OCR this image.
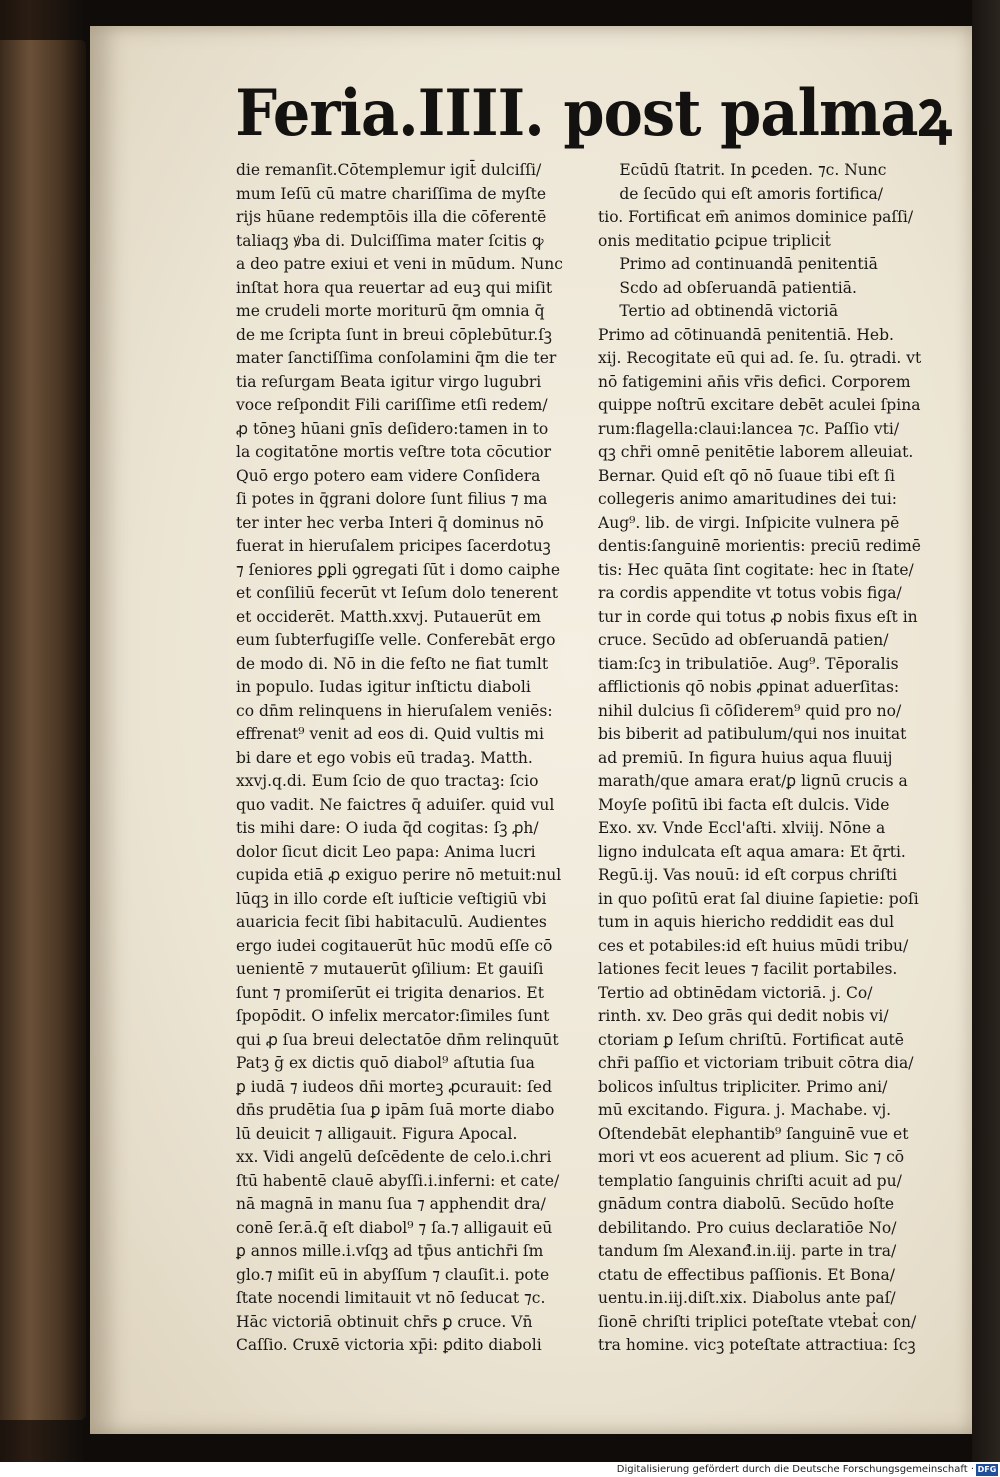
Feria.IIII. post palmaꝝ
die remanſit.Cōtemplemur igit̄ dulciſſi/
mum Ieſū cū matre chariſſima de myſte
rijs hūane redemptōis illa die cōferentē
taliaqꝫ ꝟba di. Dulciſſima mater ſcitis ꝙ
a deo patre exiui et veni in mūdum. Nunc
inſtat hora qua reuertar ad euꝫ qui miſit
me crudeli morte moriturū q̄m omnia q̄
de me ſcripta ſunt in breui cōplebūtur.ſꝫ
mater ſanctiſſima conſolamini q̄m die ter
tia reſurgam Beata igitur virgo lugubri
voce reſpondit Fili cariſſime etſi redem/
ꝓ tōneꝫ hūani gnīs deſidero:tamen in to
la cogitatōne mortis veſtre tota cōcutior
Quō ergo potero eam videre Conſidera
ſi potes in q̄grani dolore ſunt filius ⁊ ma
ter inter hec verba Interi q̄ dominus nō
fuerat in hieruſalem pricipes ſacerdotuꝫ
⁊ ſeniores ꝑꝑli ꝯgregati ſūt i domo caiphe
et conſiliū fecerūt vt Ieſum dolo tenerent
et occiderēt. Matth.xxvj. Putauerūt em
eum ſubterfugiſſe velle. Conferebāt ergo
de modo di. Nō in die feſto ne fiat tumlt
in populo. Iudas igitur inſtictu diaboli
co dn̄m relinquens in hieruſalem veniēs:
effrenat⁹ venit ad eos di. Quid vultis mi
bi dare et ego vobis eū tradaꝫ. Matth.
xxvj.q.di. Eum ſcio de quo tractaꝫ: ſcio
quo vadit. Ne faictres q̄ aduiſer. quid vul
tis mihi dare: O iuda q̄d cogitas: ſꝫ ꝓh/
dolor ſicut dicit Leo papa: Anima lucri
cupida etiā ꝓ exiguo perire nō metuit:nul
lūqꝫ in illo corde eſt iuſticie veſtigiū vbi
auaricia fecit ſibi habitaculū. Audientes
ergo iudei cogitauerūt hūc modū eſſe cō
uenientē ⁊ mutauerūt ꝯſilium: Et gauiſi
ſunt ⁊ promiſerūt ei trigita denarios. Et
ſpopōdit. O infelix mercator:ſimiles ſunt
qui ꝓ ſua breui delectatōe dn̄m relinquūt
Patꝫ ḡ ex dictis quō diabol⁹ aſtutia ſua
ꝑ iudā ⁊ iudeos dn̄i morteꝫ ꝓcurauit: ſed
dn̄s prudētia ſua ꝑ ipām ſuā morte diabo
lū deuicit ⁊ alligauit. Figura Apocal.
xx. Vidi angelū deſcēdente de celo.i.chri
ſtū habentē clauē abyſſi.i.inferni: et cate/
nā magnā in manu ſua ⁊ apphendit dra/
conē ſer.ā.q̄ eſt diabol⁹ ⁊ ſa.⁊ alligauit eū
ꝑ annos mille.i.vſqꝫ ad tp̄us antichr̄i ſm
glo.⁊ miſit eū in abyſſum ⁊ clauſit.i. pote
ſtate nocendi limitauit vt nō ſeducat ⁊c.
Hāc victoriā obtinuit chr̄s ꝑ cruce. Vn̄
Caſſio. Cruxē victoria xp̄i: ꝑdito diaboli
Ecūdū ſtatrit. In ꝑceden. ⁊c. Nunc
de ſecūdo qui eſt amoris fortifica/
tio. Fortificat em̄ animos dominice paſſi/
onis meditatio ꝑcipue tripliciṫ
Primo ad continuandā penitentiā
Scdo ad obſeruandā patientiā.
Tertio ad obtinendā victoriā
Primo ad cōtinuandā penitentiā. Heb.
xij. Recogitate eū qui ad. ſe. ſu. ꝯtradi. vt
nō fatigemini an̄is vr̄is defici. Corporem
quippe noſtrū excitare debēt aculei ſpina
rum:flagella:claui:lancea ⁊c. Paſſio vti/
qꝫ chr̄i omnē penitētie laborem alleuiat.
Bernar. Quid eſt qō nō ſuaue tibi eſt ſi
collegeris animo amaritudines dei tui:
Aug⁹. lib. de virgi. Inſpicite vulnera pē
dentis:ſanguinē morientis: preciū redimē
tis: Hec quāta ſint cogitate: hec in ſtate/
ra cordis appendite vt totus vobis figa/
tur in corde qui totus ꝓ nobis fixus eſt in
cruce. Secūdo ad obſeruandā patien/
tiam:ſcꝫ in tribulatiōe. Aug⁹. Tēporalis
afflictionis qō nobis ꝓpinat aduerſitas:
nihil dulcius ſi cōſiderem⁹ quid pro no/
bis biberit ad patibulum/qui nos inuitat
ad premiū. In figura huius aqua fluuij
marath/que amara erat/ꝑ lignū crucis a
Moyſe poſitū ibi facta eſt dulcis. Vide
Exo. xv. Vnde Eccl'aſti. xlviij. Nōne a
ligno indulcata eſt aqua amara: Et q̄rti.
Regū.ij. Vas nouū: id eſt corpus chriſti
in quo poſitū erat ſal diuine ſapietie: poſi
tum in aquis hiericho reddidit eas dul
ces et potabiles:id eſt huius mūdi tribu/
lationes fecit leues ⁊ facilit portabiles.
Tertio ad obtinēdam victoriā. j. Co/
rinth. xv. Deo grās qui dedit nobis vi/
ctoriam ꝑ Ieſum chriſtū. Fortificat autē
chr̄i paſſio et victoriam tribuit cōtra dia/
bolicos inſultus tripliciter. Primo ani/
mū excitando. Figura. j. Machabe. vj.
Oſtendebāt elephantib⁹ ſanguinē vue et
mori vt eos acuerent ad plium. Sic ⁊ cō
templatio ſanguinis chriſti acuit ad pu/
gnādum contra diabolū. Secūdo hoſte
debilitando. Pro cuius declaratiōe No/
tandum ſm Alexanđ.in.iij. parte in tra/
ctatu de effectibus paſſionis. Et Bona/
uentu.in.iij.diſt.xix. Diabolus ante paſ/
ſionē chriſti triplici poteſtate vtebaṫ con/
tra homine. vicꝫ poteſtate attractiua: ſcꝫ
Digitalisierung gefördert durch die Deutsche Forschungsgemeinschaft · DFG
